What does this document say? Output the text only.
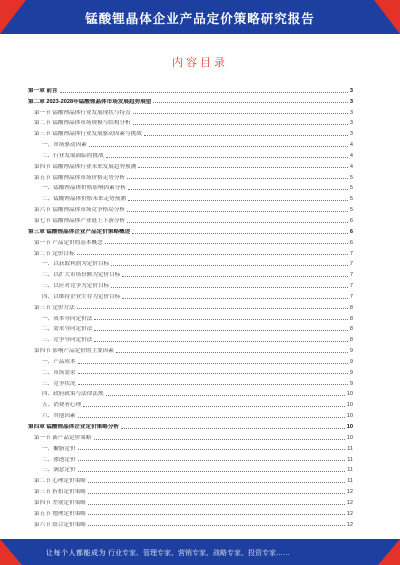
锰酸锂晶体企业产品定价策略研究报告
内容目录
第一章 前言	3
第二章 2023-2028年锰酸锂晶体市场发展趋势展望	3
第一节 锰酸锂晶体行业发展现状与特点	3
第二节 锰酸锂晶体市场规模与结构分析	3
第三节 锰酸锂晶体行业发展驱动因素与挑战	3
一、市场驱动因素	4
二、行业发展面临的挑战	4
第四节 锰酸锂晶体行业未来发展趋势预测	4
第五节 锰酸锂晶体市场价格走势分析	5
一、锰酸锂晶体价格影响因素分析	5
二、锰酸锂晶体价格未来走势预测	5
第六节 锰酸锂晶体市场竞争格局分析	5
第七节 锰酸锂晶体产业链上下游分析	6
第三章 锰酸锂晶体企业产品定价策略概述	6
第一节 产品定价的基本概念	6
第二节 定价目标	7
一、以获取利润为定价目标	7
二、以扩大市场份额为定价目标	7
三、以应对竞争为定价目标	7
四、以维持企业生存为定价目标	7
第三节 定价方法	8
一、成本导向定价法	8
二、需求导向定价法	8
三、竞争导向定价法	8
第四节 影响产品定价的主要因素	9
一、产品成本	9
二、市场需求	9
三、竞争状况	9
四、政府政策与法律法规	10
五、消费者心理	10
六、其他因素	10
第四章 锰酸锂晶体企业定价策略分析	10
第一节 新产品定价策略	10
一、撇脂定价	11
二、渗透定价	11
三、满意定价	11
第二节 心理定价策略	11
第三节 折扣定价策略	12
第四节 差别定价策略	12
第五节 地理定价策略	12
第六节 组合定价策略	12
让每个人都能成为 行业专家、管理专家、营销专家、战略专家、投资专家……
